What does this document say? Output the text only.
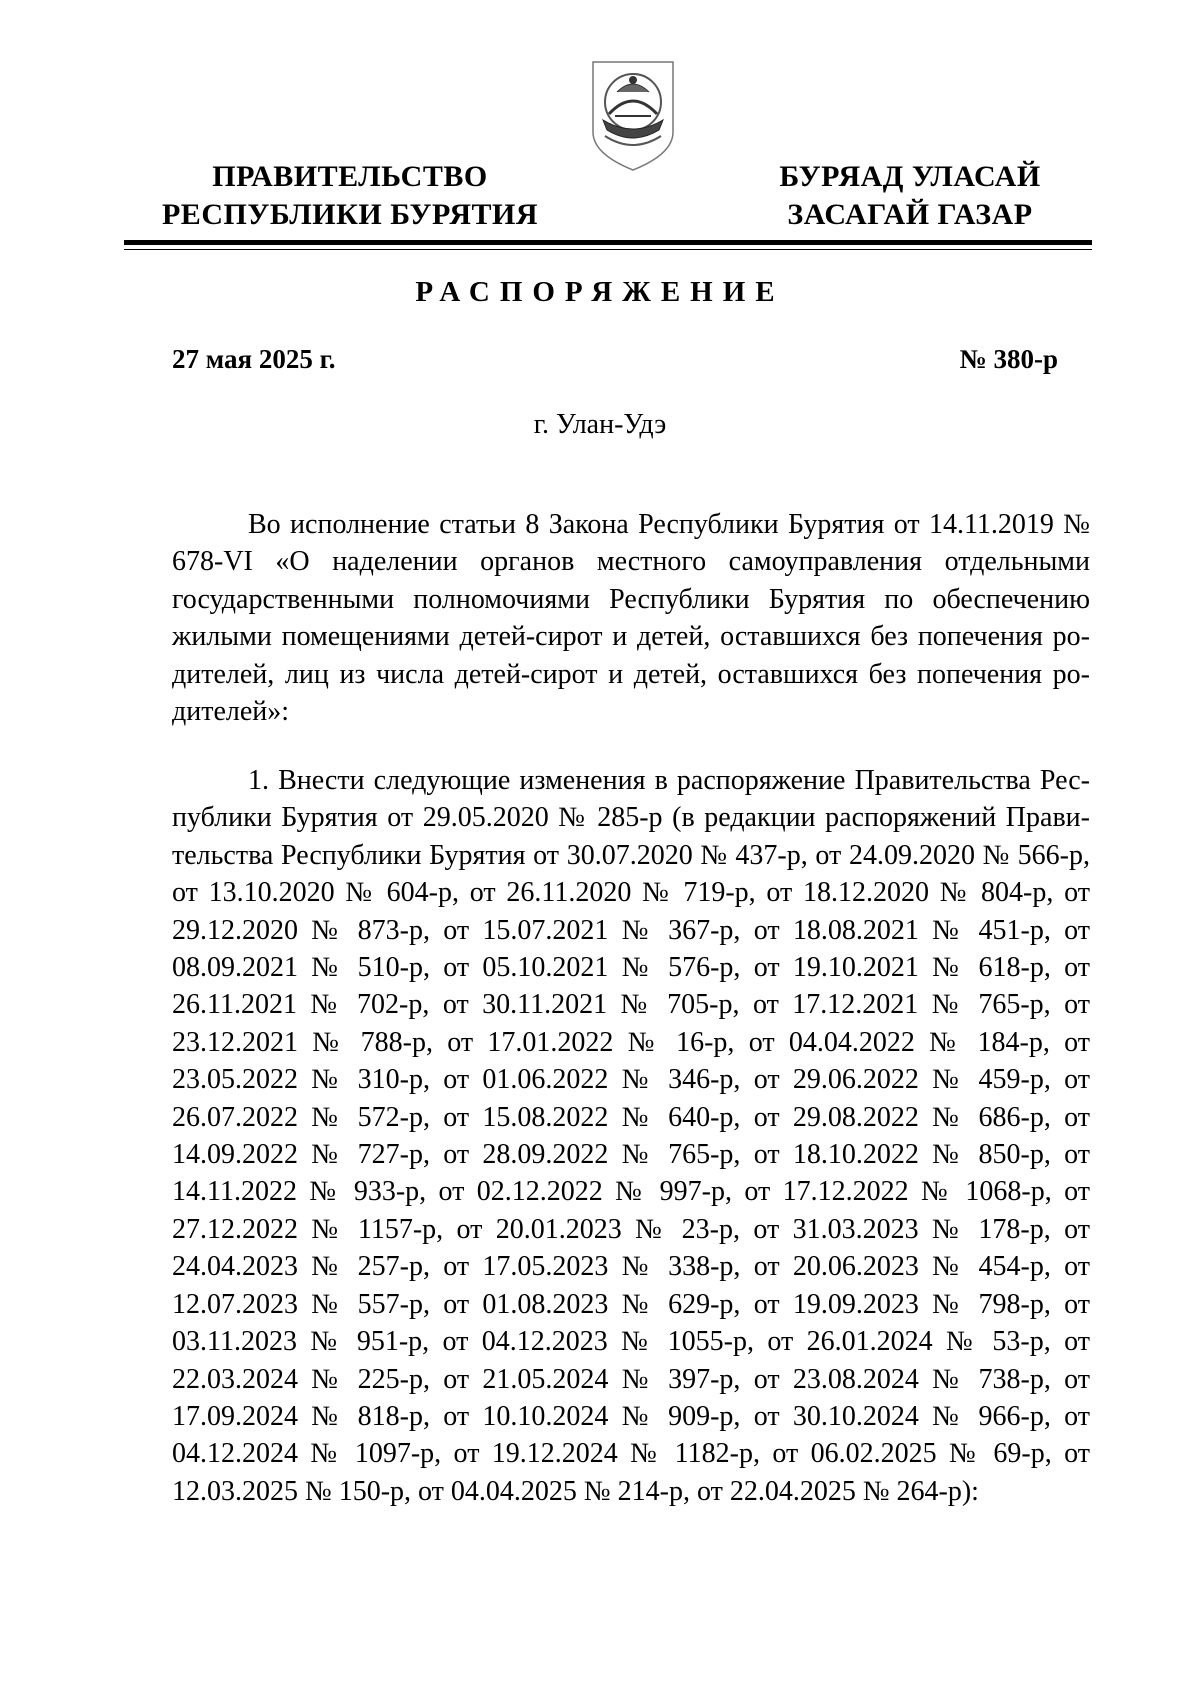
ПРАВИТЕЛЬСТВО
РЕСПУБЛИКИ БУРЯТИЯ
БУРЯАД УЛАСАЙ
ЗАСАГАЙ ГАЗАР
РАСПОРЯЖЕНИЕ
27 мая 2025 г.	№ 380-р
г. Улан-Удэ

Во исполнение статьи 8 Закона Республики Бурятия от 14.11.2019 № 678-VI «О наделении органов местного самоуправления отдельными государственными полномочиями Республики Бурятия по обеспечению жилыми помещениями детей-сирот и детей, оставшихся без попечения родителей, лиц из числа детей-сирот и детей, оставшихся без попечения родителей»:

1. Внести следующие изменения в распоряжение Правительства Республики Бурятия от 29.05.2020 № 285-р (в редакции распоряжений Правительства Республики Бурятия от 30.07.2020 № 437-р, от 24.09.2020 № 566-р, от 13.10.2020 № 604-р, от 26.11.2020 № 719-р, от 18.12.2020 № 804-р, от 29.12.2020 № 873-р, от 15.07.2021 № 367-р, от 18.08.2021 № 451-р, от 08.09.2021 № 510-р, от 05.10.2021 № 576-р, от 19.10.2021 № 618-р, от 26.11.2021 № 702-р, от 30.11.2021 № 705-р, от 17.12.2021 № 765-р, от 23.12.2021 № 788-р, от 17.01.2022 № 16-р, от 04.04.2022 № 184-р, от 23.05.2022 № 310-р, от 01.06.2022 № 346-р, от 29.06.2022 № 459-р, от 26.07.2022 № 572-р, от 15.08.2022 № 640-р, от 29.08.2022 № 686-р, от 14.09.2022 № 727-р, от 28.09.2022 № 765-р, от 18.10.2022 № 850-р, от 14.11.2022 № 933-р, от 02.12.2022 № 997-р, от 17.12.2022 № 1068-р, от 27.12.2022 № 1157-р, от 20.01.2023 № 23-р, от 31.03.2023 № 178-р, от 24.04.2023 № 257-р, от 17.05.2023 № 338-р, от 20.06.2023 № 454-р, от 12.07.2023 № 557-р, от 01.08.2023 № 629-р, от 19.09.2023 № 798-р, от 03.11.2023 № 951-р, от 04.12.2023 № 1055-р, от 26.01.2024 № 53-р, от 22.03.2024 № 225-р, от 21.05.2024 № 397-р, от 23.08.2024 № 738-р, от 17.09.2024 № 818-р, от 10.10.2024 № 909-р, от 30.10.2024 № 966-р, от 04.12.2024 № 1097-р, от 19.12.2024 № 1182-р, от 06.02.2025 № 69-р, от 12.03.2025 № 150-р, от 04.04.2025 № 214-р, от 22.04.2025 № 264-р):
